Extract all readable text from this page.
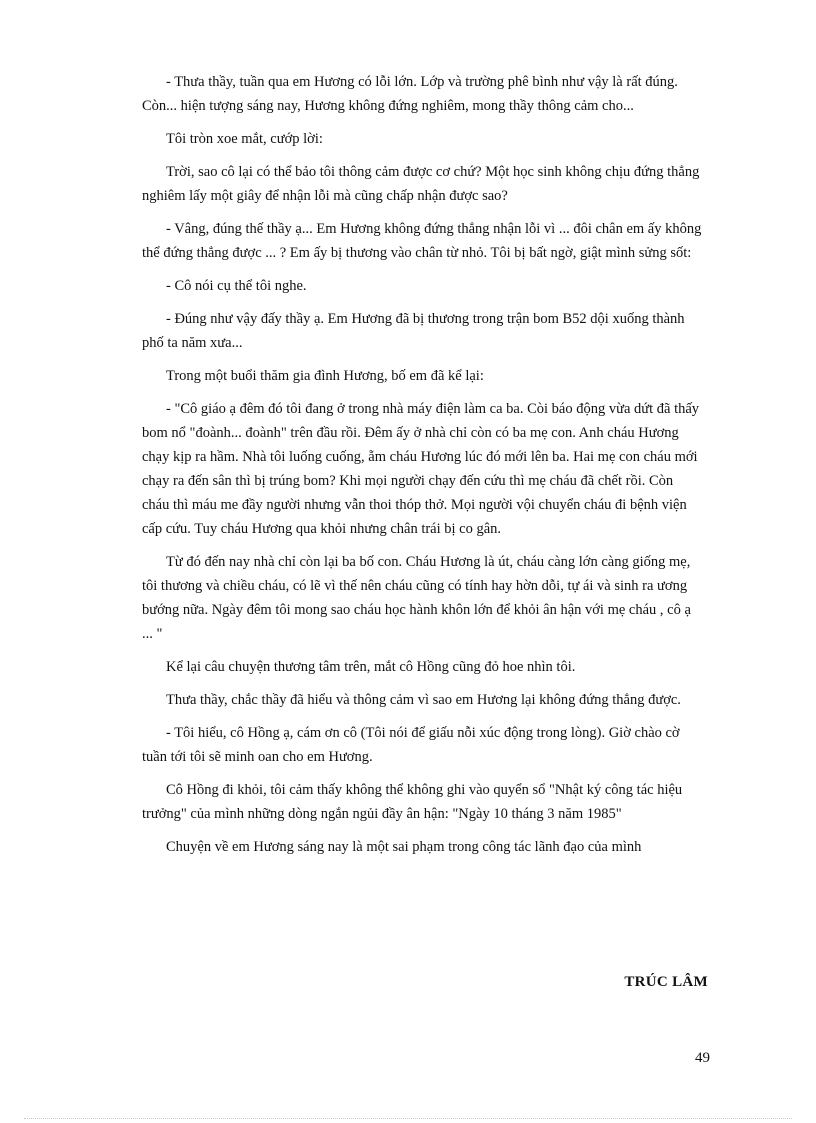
- Thưa thầy, tuần qua em Hương có lỗi lớn. Lớp và trường phê bình như vậy là rất đúng. Còn... hiện tượng sáng nay, Hương không đứng nghiêm, mong thầy thông cảm cho...

Tôi tròn xoe mắt, cướp lời:

Trời, sao cô lại có thể bảo tôi thông cảm được cơ chứ? Một học sinh không chịu đứng thẳng nghiêm lấy một giây để nhận lỗi mà cũng chấp nhận được sao?

- Vâng, đúng thế thầy ạ... Em Hương không đứng thẳng nhận lỗi vì ... đôi chân em ấy không thể đứng thẳng được ... ? Em ấy bị thương vào chân từ nhỏ. Tôi bị bất ngờ, giật mình sửng sốt:

- Cô nói cụ thể tôi nghe.

- Đúng như vậy đấy thầy ạ. Em Hương đã bị thương trong trận bom B52 dội xuống thành phố ta năm xưa...

Trong một buổi thăm gia đình Hương, bố em đã kể lại:

- "Cô giáo ạ đêm đó tôi đang ở trong nhà máy điện làm ca ba. Còi báo động vừa dứt đã thấy bom nổ "đoành... đoành" trên đầu rồi. Đêm ấy ở nhà chỉ còn có ba mẹ con. Anh cháu Hương chạy kịp ra hầm. Nhà tôi luống cuống, ẵm cháu Hương lúc đó mới lên ba. Hai mẹ con cháu mới chạy ra đến sân thì bị trúng bom? Khi mọi người chạy đến cứu thì mẹ cháu đã chết rồi. Còn cháu thì máu me đầy người nhưng vẫn thoi thóp thở. Mọi người vội chuyển cháu đi bệnh viện cấp cứu. Tuy cháu Hương qua khỏi nhưng chân trái bị co gân.

Từ đó đến nay nhà chỉ còn lại ba bố con. Cháu Hương là út, cháu càng lớn càng giống mẹ, tôi thương và chiều cháu, có lẽ vì thế nên cháu cũng có tính hay hờn dỗi, tự ái và sinh ra ương bướng nữa. Ngày đêm tôi mong sao cháu học hành khôn lớn để khỏi ân hận với mẹ cháu , cô ạ ... "

Kể lại câu chuyện thương tâm trên, mắt cô Hồng cũng đỏ hoe nhìn tôi.

Thưa thầy, chắc thầy đã hiểu và thông cảm vì sao em Hương lại không đứng thẳng được.

- Tôi hiểu, cô Hồng ạ, cám ơn cô (Tôi nói để giấu nỗi xúc động trong lòng). Giờ chào cờ tuần tới tôi sẽ minh oan cho em Hương.

Cô Hồng đi khỏi, tôi cảm thấy không thể không ghi vào quyển sổ "Nhật ký công tác hiệu trưởng" của mình những dòng ngắn ngủi đầy ân hận: "Ngày 10 tháng 3 năm 1985"

Chuyện về em Hương sáng nay là một sai phạm trong công tác lãnh đạo của mình

TRÚC LÂM
49
